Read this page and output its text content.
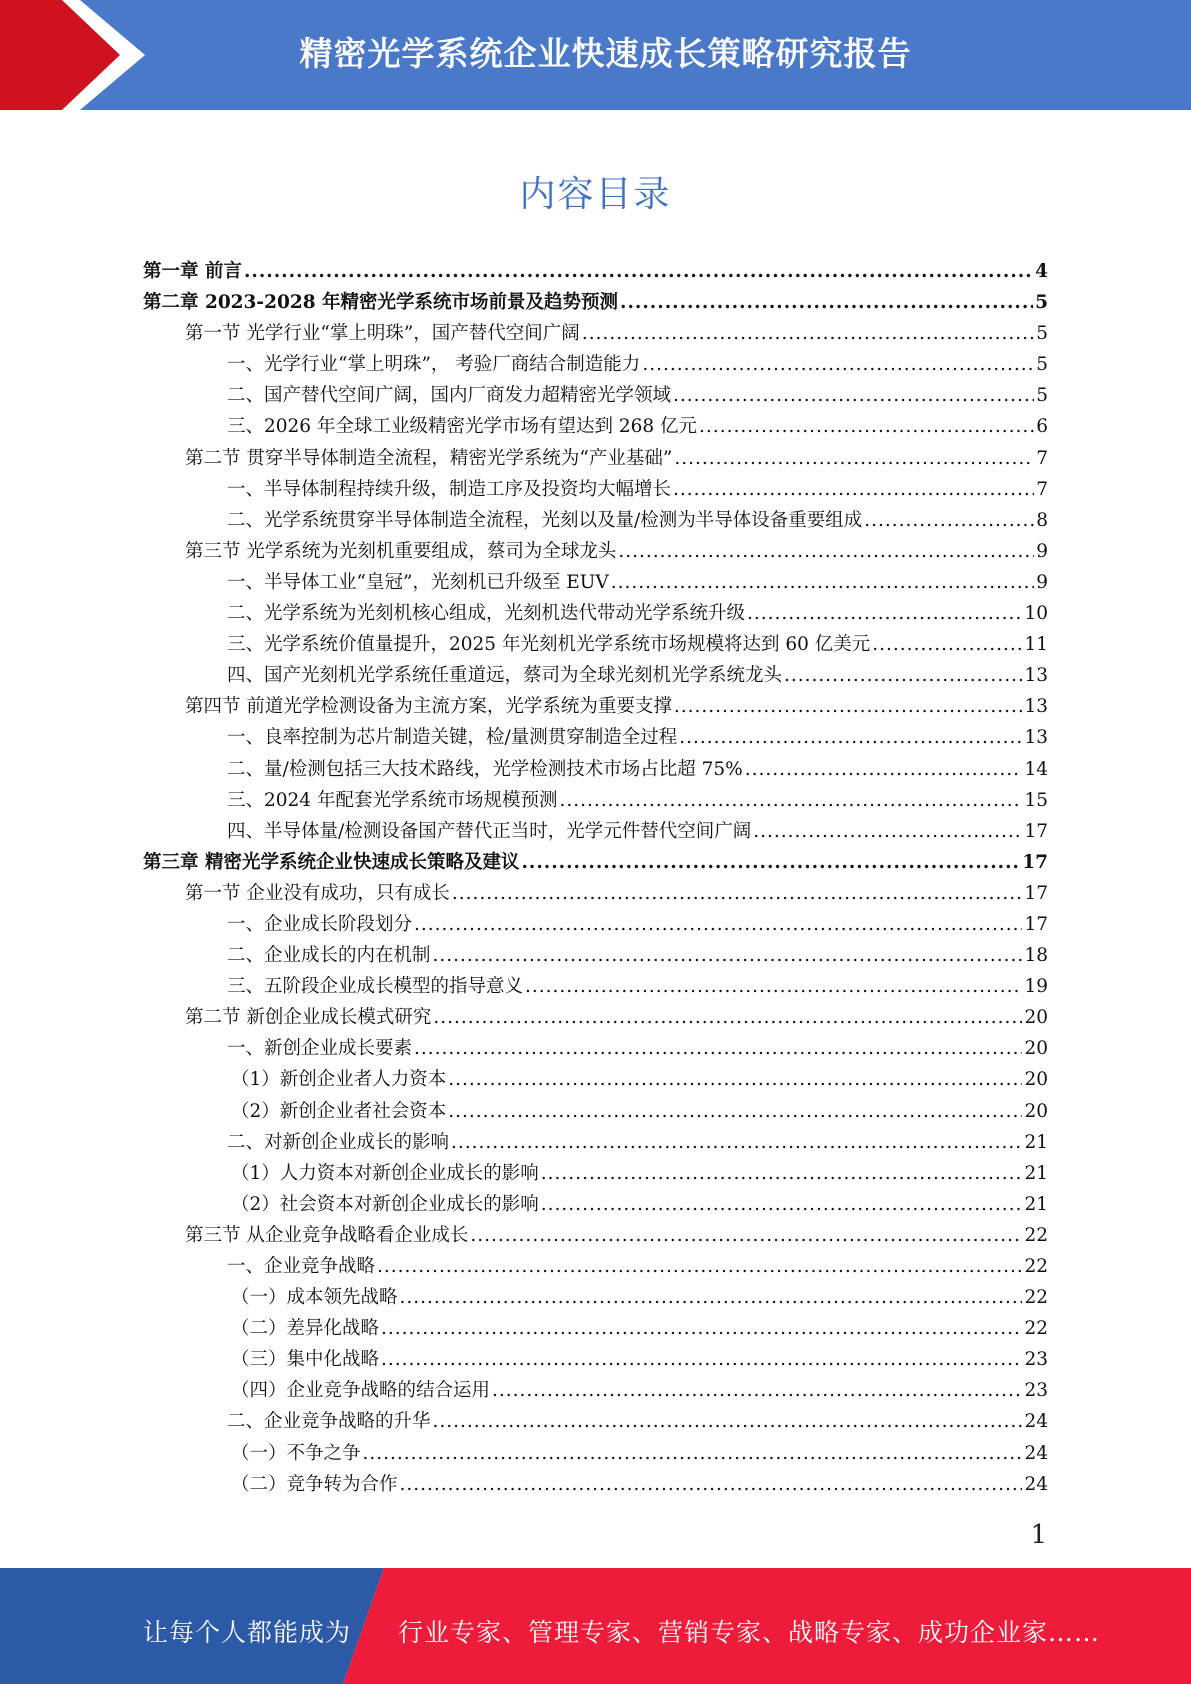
精密光学系统企业快速成长策略研究报告
内容目录
第一章 前言 .....	4
第二章 2023-2028 年精密光学系统市场前景及趋势预测 .....	5
第一节 光学行业“掌上明珠”，国产替代空间广阔 .....	5
一、光学行业“掌上明珠”， 考验厂商结合制造能力 .....	5
二、国产替代空间广阔，国内厂商发力超精密光学领域 .....	5
三、2026 年全球工业级精密光学市场有望达到 268 亿元 .....	6
第二节 贯穿半导体制造全流程，精密光学系统为“产业基础” .....	7
一、半导体制程持续升级，制造工序及投资均大幅增长 .....	7
二、光学系统贯穿半导体制造全流程，光刻以及量/检测为半导体设备重要组成 .....	8
第三节 光学系统为光刻机重要组成，蔡司为全球龙头 .....	9
一、半导体工业“皇冠”，光刻机已升级至 EUV .....	9
二、光学系统为光刻机核心组成，光刻机迭代带动光学系统升级 .....	10
三、光学系统价值量提升，2025 年光刻机光学系统市场规模将达到 60 亿美元 .....	11
四、国产光刻机光学系统任重道远，蔡司为全球光刻机光学系统龙头 .....	13
第四节 前道光学检测设备为主流方案，光学系统为重要支撑 .....	13
一、良率控制为芯片制造关键，检/量测贯穿制造全过程 .....	13
二、量/检测包括三大技术路线，光学检测技术市场占比超 75% .....	14
三、2024 年配套光学系统市场规模预测 .....	15
四、半导体量/检测设备国产替代正当时，光学元件替代空间广阔 .....	17
第三章 精密光学系统企业快速成长策略及建议 .....	17
第一节 企业没有成功，只有成长 .....	17
一、企业成长阶段划分 .....	17
二、企业成长的内在机制 .....	18
三、五阶段企业成长模型的指导意义 .....	19
第二节 新创企业成长模式研究 .....	20
一、新创企业成长要素 .....	20
（1）新创企业者人力资本 .....	20
（2）新创企业者社会资本 .....	20
二、对新创企业成长的影响 .....	21
（1）人力资本对新创企业成长的影响 .....	21
（2）社会资本对新创企业成长的影响 .....	21
第三节 从企业竞争战略看企业成长 .....	22
一、企业竞争战略 .....	22
（一）成本领先战略 .....	22
（二）差异化战略 .....	22
（三）集中化战略 .....	23
（四）企业竞争战略的结合运用 .....	23
二、企业竞争战略的升华 .....	24
（一）不争之争 .....	24
（二）竞争转为合作 .....	24
1
让每个人都能成为 行业专家、管理专家、营销专家、战略专家、成功企业家……
